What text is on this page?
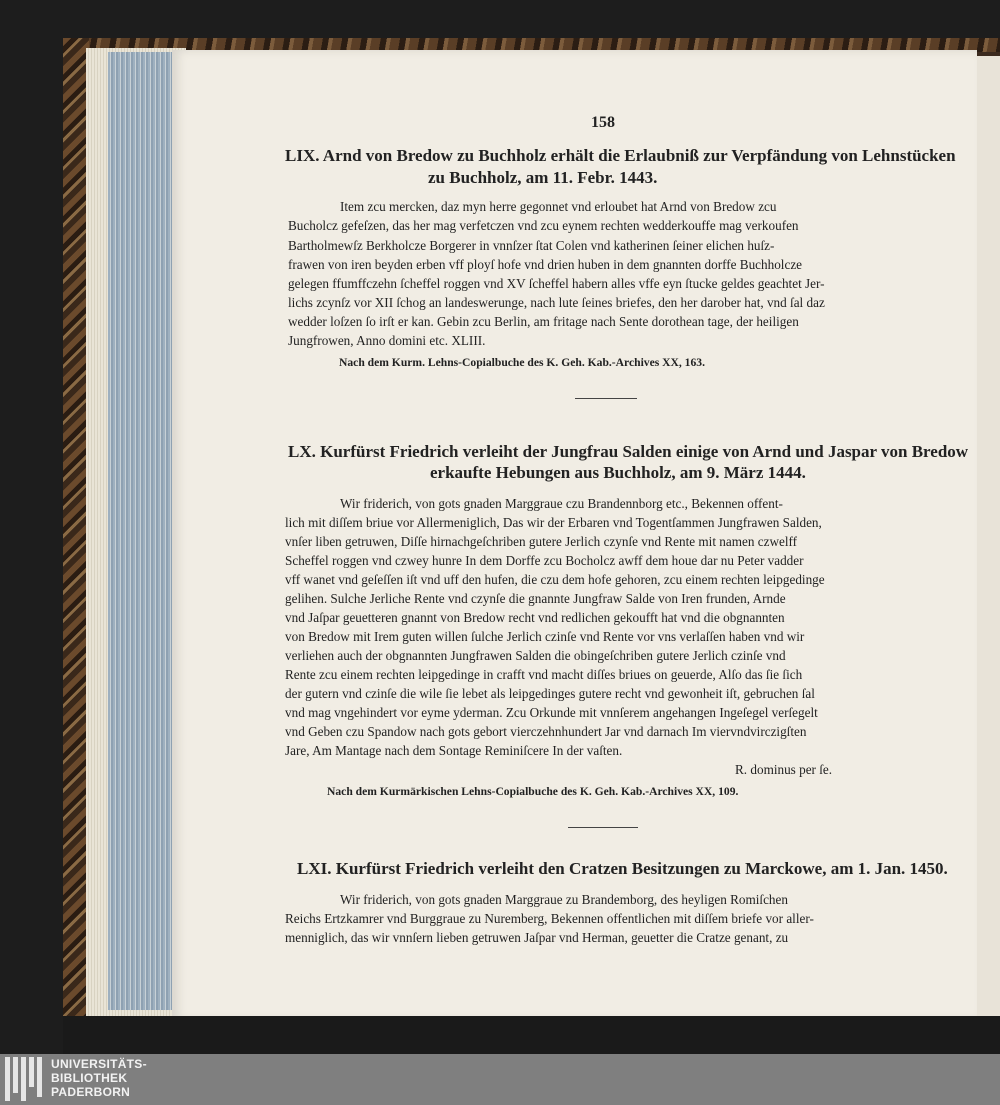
158
LIX. Arnd von Bredow zu Buchholz erhält die Erlaubniß zur Verpfändung von Lehnstücken
zu Buchholz, am 11. Febr. 1443.
Item zcu mercken, daz myn herre gegonnet vnd erloubet hat Arnd von Bredow zcu
Bucholcz gefeſzen, das her mag verfetczen vnd zcu eynem rechten wedderkouffe mag verkoufen
Bartholmewſz Berkholcze Borgerer in vnnſzer ſtat Colen vnd katherinen ſeiner elichen huſz-
frawen von iren beyden erben vff ployſ hofe vnd drien huben in dem gnannten dorffe Buchholcze
gelegen ffumffczehn ſcheffel roggen vnd XV ſcheffel habern alles vffe eyn ſtucke geldes geachtet Jer-
lichs zcynſz vor XII ſchog an landeswerunge, nach lute ſeines briefes, den her darober hat, vnd ſal daz
wedder loſzen ſo irſt er kan. Gebin zcu Berlin, am fritage nach Sente dorothean tage, der heiligen
Jungfrowen, Anno domini etc. XLIII.
Nach dem Kurm. Lehns-Copialbuche des K. Geh. Kab.-Archives XX, 163.
LX. Kurfürst Friedrich verleiht der Jungfrau Salden einige von Arnd und Jaspar von Bredow
erkaufte Hebungen aus Buchholz, am 9. März 1444.
Wir friderich, von gots gnaden Marggraue czu Brandennborg etc., Bekennen offent-
lich mit diſſem briue vor Allermeniglich, Das wir der Erbaren vnd Togentſammen Jungfrawen Salden,
vnſer liben getruwen, Diſſe hirnachgeſchriben gutere Jerlich czynſe vnd Rente mit namen czwelff
Scheffel roggen vnd czwey hunre In dem Dorffe zcu Bocholcz awff dem houe dar nu Peter vadder
vff wanet vnd geſeſſen iſt vnd uff den hufen, die czu dem hofe gehoren, zcu einem rechten leipgedinge
gelihen. Sulche Jerliche Rente vnd czynſe die gnannte Jungfraw Salde von Iren frunden, Arnde
vnd Jaſpar geuetteren gnannt von Bredow recht vnd redlichen gekoufft hat vnd die obgnannten
von Bredow mit Irem guten willen ſulche Jerlich czinſe vnd Rente vor vns verlaſſen haben vnd wir
verliehen auch der obgnannten Jungfrawen Salden die obingeſchriben gutere Jerlich czinſe vnd
Rente zcu einem rechten leipgedinge in crafft vnd macht diſſes briues on geuerde, Alſo das ſie ſich
der gutern vnd czinſe die wile ſie lebet als leipgedinges gutere recht vnd gewonheit iſt, gebruchen ſal
vnd mag vngehindert vor eyme yderman. Zcu Orkunde mit vnnſerem angehangen Ingeſegel verſegelt
vnd Geben czu Spandow nach gots gebort vierczehnhundert Jar vnd darnach Im viervndvirczigſten
Jare, Am Mantage nach dem Sontage Reminiſcere In der vaſten.
R. dominus per ſe.
Nach dem Kurmärkischen Lehns-Copialbuche des K. Geh. Kab.-Archives XX, 109.
LXI. Kurfürst Friedrich verleiht den Cratzen Besitzungen zu Marckowe, am 1. Jan. 1450.
Wir friderich, von gots gnaden Marggraue zu Brandemborg, des heyligen Romiſchen
Reichs Ertzkamrer vnd Burggraue zu Nuremberg, Bekennen offentlichen mit diſſem briefe vor aller-
menniglich, das wir vnnſern lieben getruwen Jaſpar vnd Herman, geuetter die Cratze genant, zu
UNIVERSITÄTS-
BIBLIOTHEK
PADERBORN
